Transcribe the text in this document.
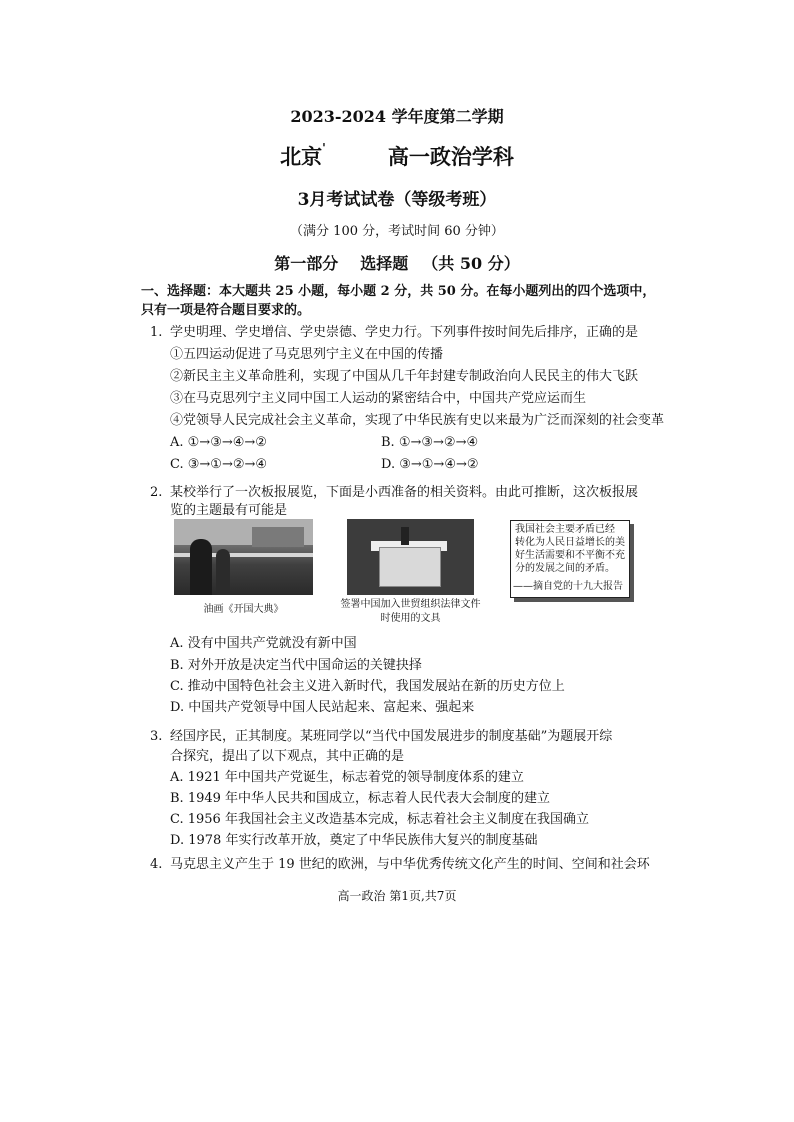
2023-2024 学年度第二学期
北京'	高一政治学科
3月考试试卷（等级考班）
（满分 100 分，考试时间 60 分钟）
第一部分 选择题 （共 50 分）
一、选择题：本大题共 25 小题，每小题 2 分，共 50 分。在每小题列出的四个选项中，
只有一项是符合题目要求的。
1. 学史明理、学史增信、学史崇德、学史力行。下列事件按时间先后排序，正确的是
①五四运动促进了马克思列宁主义在中国的传播
②新民主主义革命胜利，实现了中国从几千年封建专制政治向人民民主的伟大飞跃
③在马克思列宁主义同中国工人运动的紧密结合中，中国共产党应运而生
④党领导人民完成社会主义革命，实现了中华民族有史以来最为广泛而深刻的社会变革
A. ①→③→④→②	B. ①→③→②→④
C. ③→①→②→④	D. ③→①→④→②
2. 某校举行了一次板报展览，下面是小西准备的相关资料。由此可推断，这次板报展
览的主题最有可能是
油画《开国大典》	签署中国加入世贸组织法律文件时使用的文具
我国社会主要矛盾已经
转化为人民日益增长的美
好生活需要和不平衡不充
分的发展之间的矛盾。
——摘自党的十九大报告
A. 没有中国共产党就没有新中国
B. 对外开放是决定当代中国命运的关键抉择
C. 推动中国特色社会主义进入新时代，我国发展站在新的历史方位上
D. 中国共产党领导中国人民站起来、富起来、强起来
3. 经国序民，正其制度。某班同学以“当代中国发展进步的制度基础”为题展开综
合探究，提出了以下观点，其中正确的是
A. 1921 年中国共产党诞生，标志着党的领导制度体系的建立
B. 1949 年中华人民共和国成立，标志着人民代表大会制度的建立
C. 1956 年我国社会主义改造基本完成，标志着社会主义制度在我国确立
D. 1978 年实行改革开放，奠定了中华民族伟大复兴的制度基础
4. 马克思主义产生于 19 世纪的欧洲，与中华优秀传统文化产生的时间、空间和社会环
高一政治 第1页,共7页
